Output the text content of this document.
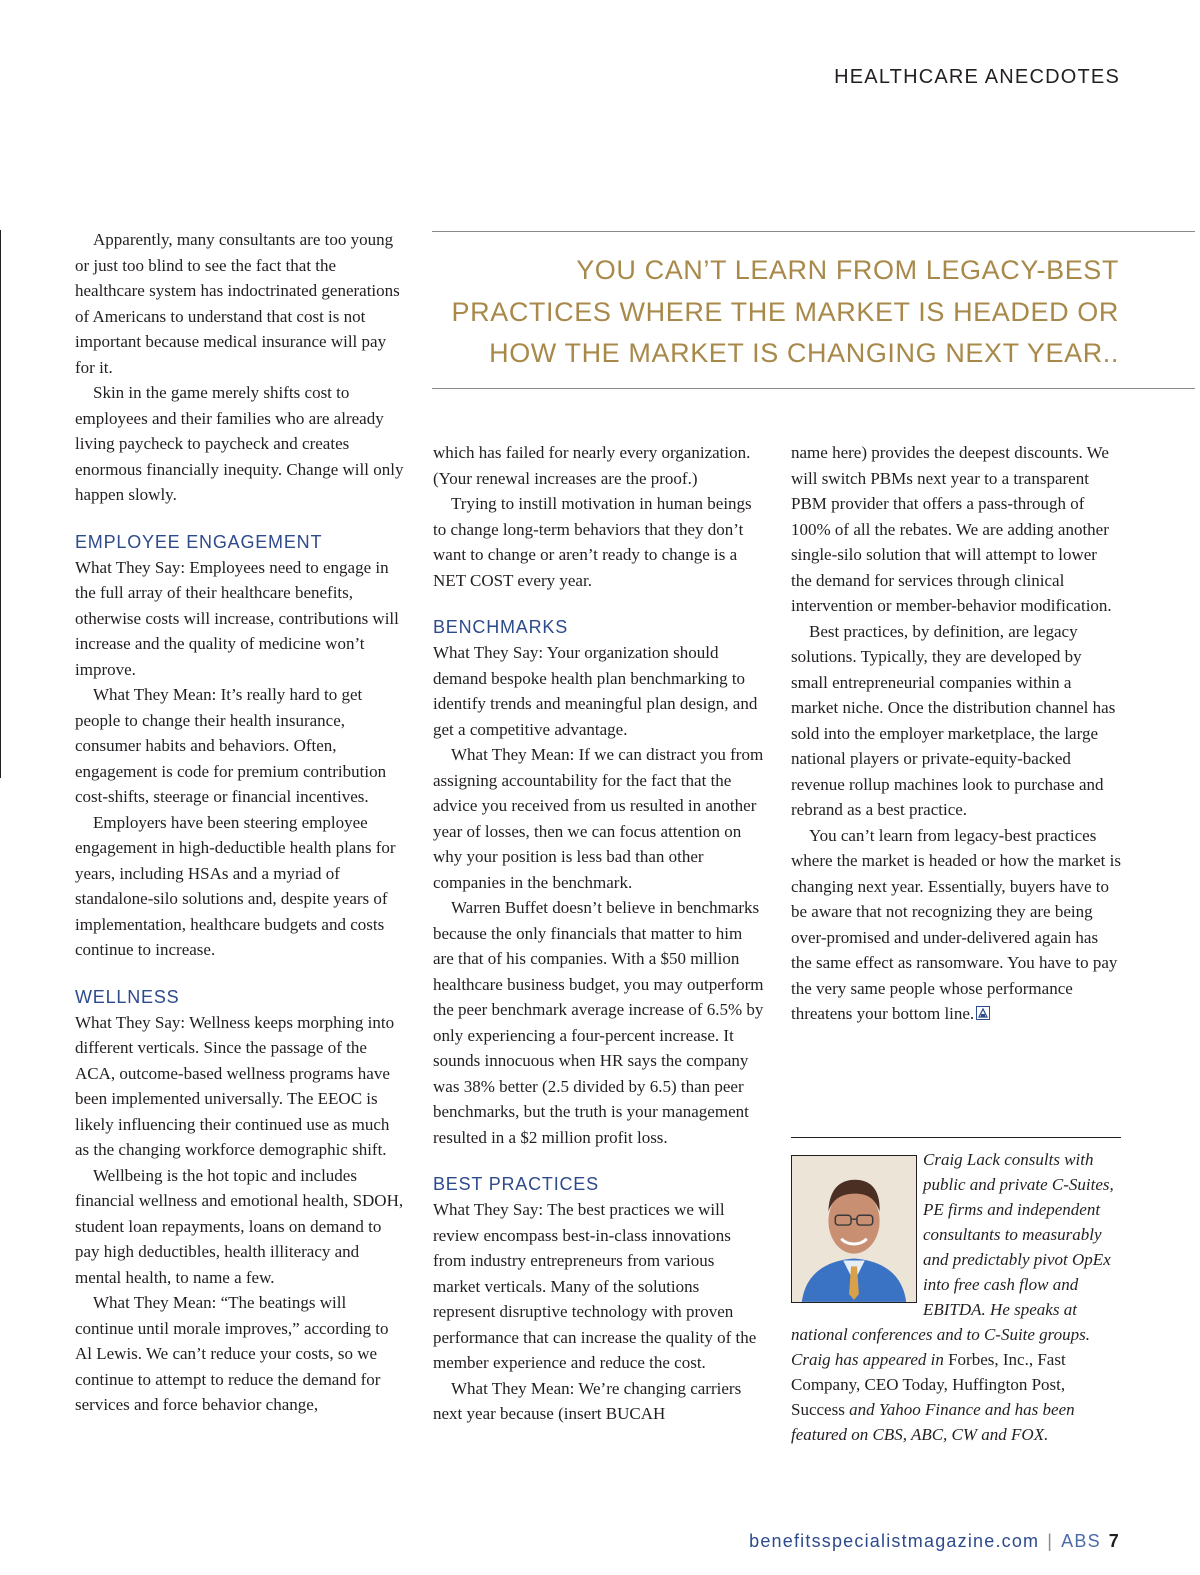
HEALTHCARE ANECDOTES
YOU CAN’T LEARN FROM LEGACY-BEST PRACTICES WHERE THE MARKET IS HEADED OR HOW THE MARKET IS CHANGING NEXT YEAR..

Apparently, many consultants are too young or just too blind to see the fact that the healthcare system has indoctrinated generations of Americans to understand that cost is not important because medical insurance will pay for it.

Skin in the game merely shifts cost to employees and their families who are already living paycheck to paycheck and creates enormous financially inequity. Change will only happen slowly.

EMPLOYEE ENGAGEMENT

What They Say: Employees need to engage in the full array of their healthcare benefits, otherwise costs will increase, contributions will increase and the quality of medicine won’t improve.

What They Mean: It’s really hard to get people to change their health insurance, consumer habits and behaviors. Often, engagement is code for premium contribution cost-shifts, steerage or financial incentives.

Employers have been steering employee engagement in high-deductible health plans for years, including HSAs and a myriad of standalone-silo solutions and, despite years of implementation, healthcare budgets and costs continue to increase.

WELLNESS

What They Say: Wellness keeps morphing into different verticals. Since the passage of the ACA, outcome-based wellness programs have been implemented universally. The EEOC is likely influencing their continued use as much as the changing workforce demographic shift.

Wellbeing is the hot topic and includes financial wellness and emotional health, SDOH, student loan repayments, loans on demand to pay high deductibles, health illiteracy and mental health, to name a few.

What They Mean: “The beatings will continue until morale improves,” according to Al Lewis. We can’t reduce your costs, so we continue to attempt to reduce the demand for services and force behavior change,

which has failed for nearly every organization. (Your renewal increases are the proof.)

Trying to instill motivation in human beings to change long-term behaviors that they don’t want to change or aren’t ready to change is a NET COST every year.

BENCHMARKS

What They Say: Your organization should demand bespoke health plan benchmarking to identify trends and meaningful plan design, and get a competitive advantage.

What They Mean: If we can distract you from assigning accountability for the fact that the advice you received from us resulted in another year of losses, then we can focus attention on why your position is less bad than other companies in the benchmark.

Warren Buffet doesn’t believe in benchmarks because the only financials that matter to him are that of his companies. With a $50 million healthcare business budget, you may outperform the peer benchmark average increase of 6.5% by only experiencing a four-percent increase. It sounds innocuous when HR says the company was 38% better (2.5 divided by 6.5) than peer benchmarks, but the truth is your management resulted in a $2 million profit loss.

BEST PRACTICES

What They Say: The best practices we will review encompass best-in-class innovations from industry entrepreneurs from various market verticals. Many of the solutions represent disruptive technology with proven performance that can increase the quality of the member experience and reduce the cost.

What They Mean: We’re changing carriers next year because (insert BUCAH

name here) provides the deepest discounts. We will switch PBMs next year to a transparent PBM provider that offers a pass-through of 100% of all the rebates. We are adding another single-silo solution that will attempt to lower the demand for services through clinical intervention or member-behavior modification.

Best practices, by definition, are legacy solutions. Typically, they are developed by small entrepreneurial companies within a market niche. Once the distribution channel has sold into the employer marketplace, the large national players or private-equity-backed revenue rollup machines look to purchase and rebrand as a best practice.

You can’t learn from legacy-best practices where the market is headed or how the market is changing next year. Essentially, buyers have to be aware that not recognizing they are being over-promised and under-delivered again has the same effect as ransomware. You have to pay the very same people whose performance threatens your bottom line.

Craig Lack consults with public and private C-Suites, PE firms and independent consultants to measurably and predictably pivot OpEx into free cash flow and EBITDA. He speaks at national conferences and to C-Suite groups. Craig has appeared in Forbes, Inc., Fast Company, CEO Today, Huffington Post, Success and Yahoo Finance and has been featured on CBS, ABC, CW and FOX.
benefitsspecialistmagazine.com | ABS 7
